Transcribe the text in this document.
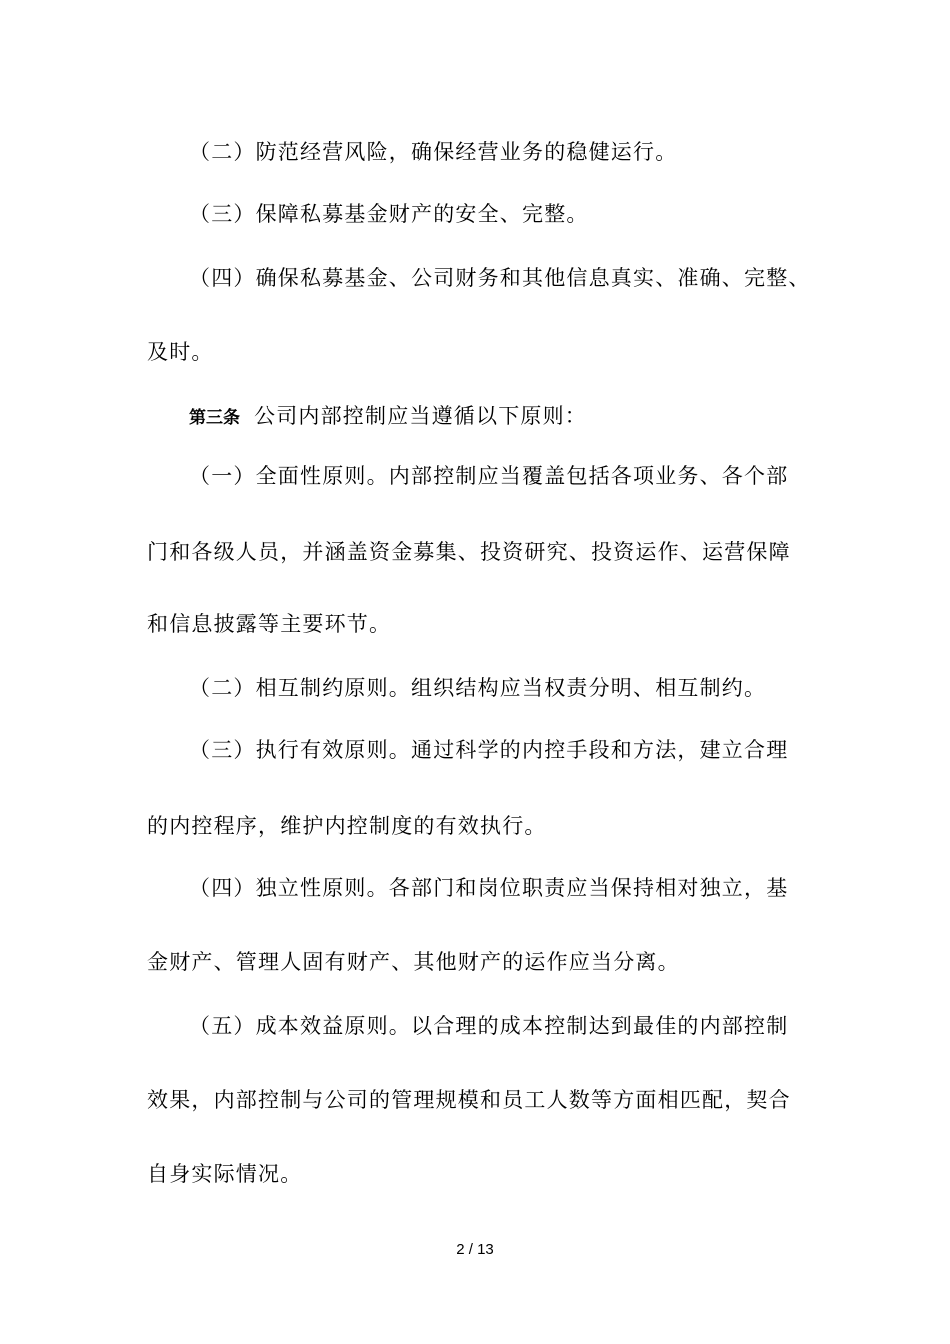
（二）防范经营风险，确保经营业务的稳健运行。
（三）保障私募基金财产的安全、完整。
（四）确保私募基金、公司财务和其他信息真实、准确、完整、
及时。
第三条 公司内部控制应当遵循以下原则：
（一）全面性原则。内部控制应当覆盖包括各项业务、各个部
门和各级人员，并涵盖资金募集、投资研究、投资运作、运营保障
和信息披露等主要环节。
（二）相互制约原则。组织结构应当权责分明、相互制约。
（三）执行有效原则。通过科学的内控手段和方法，建立合理
的内控程序，维护内控制度的有效执行。
（四）独立性原则。各部门和岗位职责应当保持相对独立，基
金财产、管理人固有财产、其他财产的运作应当分离。
（五）成本效益原则。以合理的成本控制达到最佳的内部控制
效果，内部控制与公司的管理规模和员工人数等方面相匹配，契合
自身实际情况。
2 / 13
